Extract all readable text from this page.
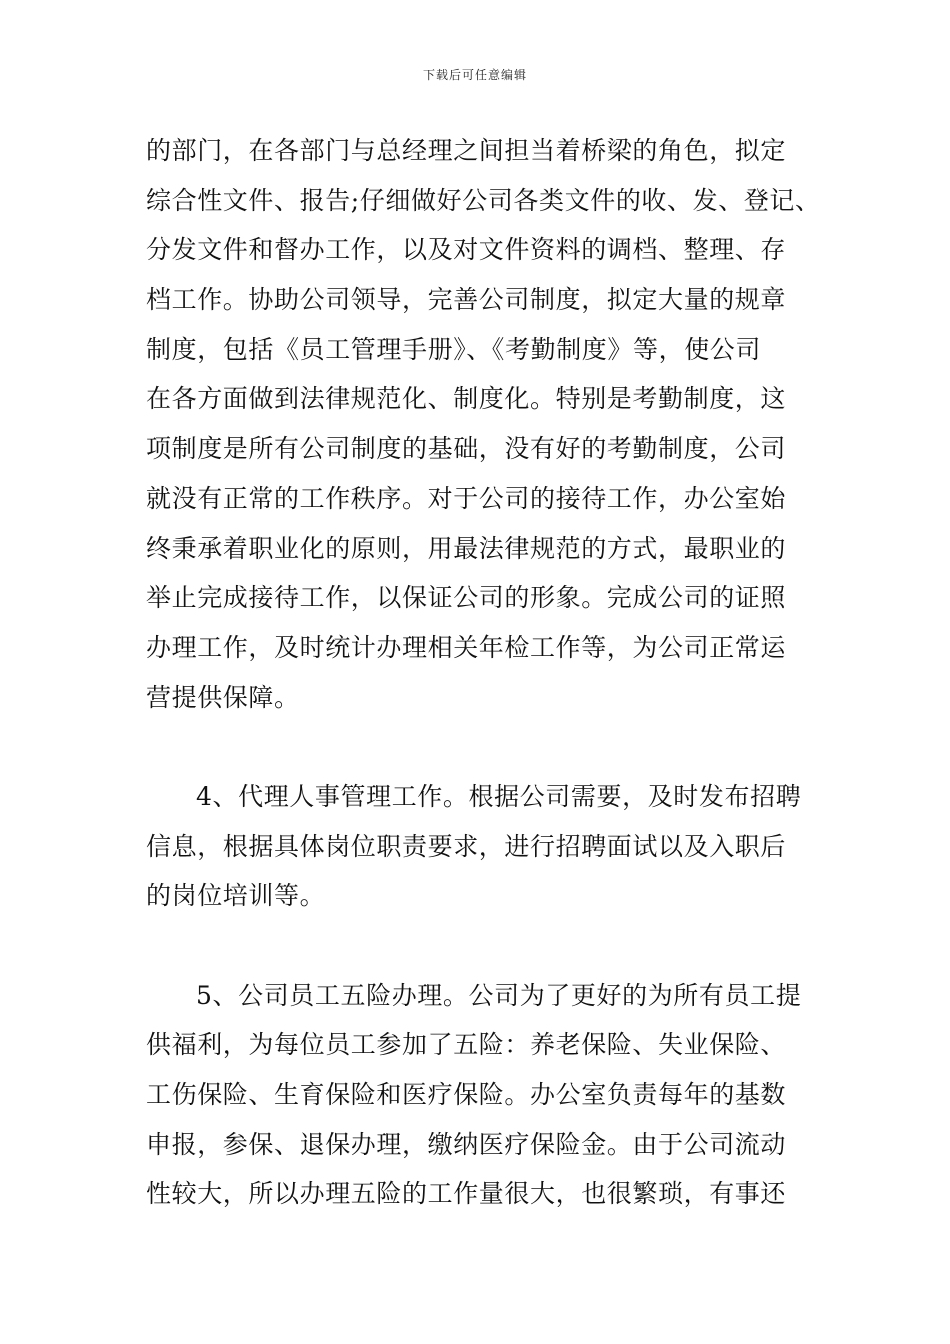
下载后可任意编辑
的部门，在各部门与总经理之间担当着桥梁的角色，拟定
综合性文件、报告;仔细做好公司各类文件的收、发、登记、
分发文件和督办工作，以及对文件资料的调档、整理、存
档工作。协助公司领导，完善公司制度，拟定大量的规章
制度，包括《员工管理手册》、《考勤制度》等，使公司
在各方面做到法律规范化、制度化。特别是考勤制度，这
项制度是所有公司制度的基础，没有好的考勤制度，公司
就没有正常的工作秩序。对于公司的接待工作，办公室始
终秉承着职业化的原则，用最法律规范的方式，最职业的
举止完成接待工作，以保证公司的形象。完成公司的证照
办理工作，及时统计办理相关年检工作等，为公司正常运
营提供保障。
4、代理人事管理工作。根据公司需要，及时发布招聘
信息，根据具体岗位职责要求，进行招聘面试以及入职后
的岗位培训等。
5、公司员工五险办理。公司为了更好的为所有员工提
供福利，为每位员工参加了五险：养老保险、失业保险、
工伤保险、生育保险和医疗保险。办公室负责每年的基数
申报，参保、退保办理，缴纳医疗保险金。由于公司流动
性较大，所以办理五险的工作量很大，也很繁琐，有事还
